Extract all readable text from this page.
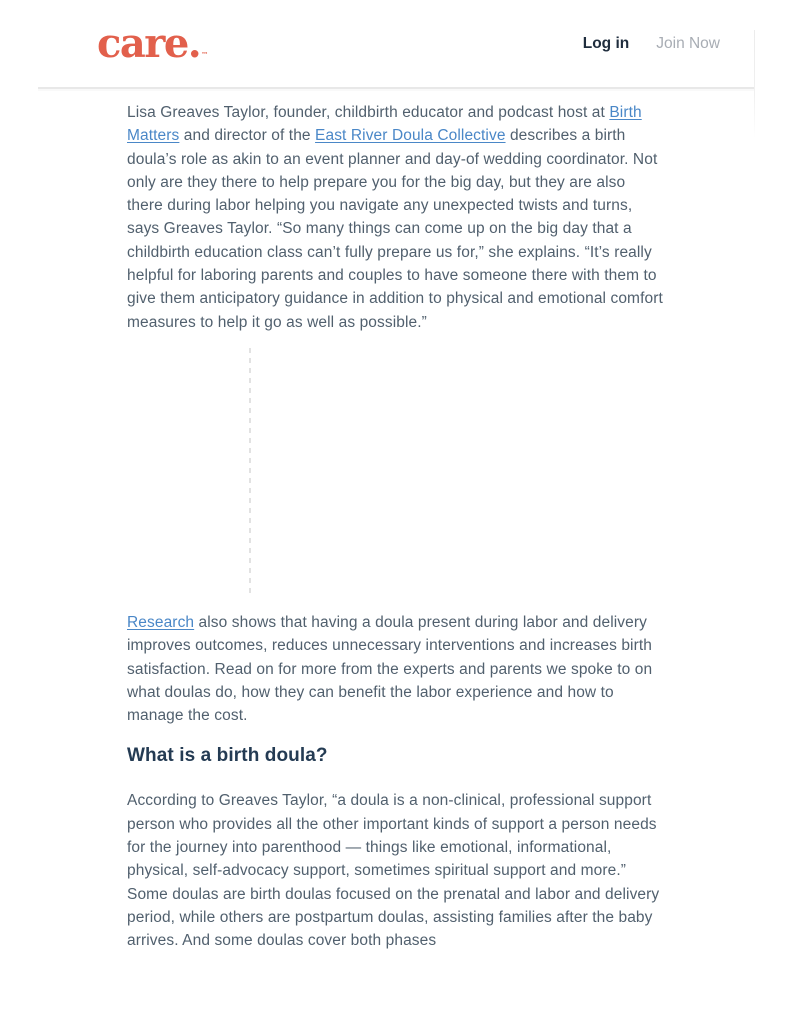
care.™
Log in Join Now

Lisa Greaves Taylor, founder, childbirth educator and podcast host at Birth Matters and director of the East River Doula Collective describes a birth doula’s role as akin to an event planner and day-of wedding coordinator. Not only are they there to help prepare you for the big day, but they are also there during labor helping you navigate any unexpected twists and turns, says Greaves Taylor. “So many things can come up on the big day that a childbirth education class can’t fully prepare us for,” she explains. “It’s really helpful for laboring parents and couples to have someone there with them to give them anticipatory guidance in addition to physical and emotional comfort measures to help it go as well as possible.”

Research also shows that having a doula present during labor and delivery improves outcomes, reduces unnecessary interventions and increases birth satisfaction. Read on for more from the experts and parents we spoke to on what doulas do, how they can benefit the labor experience and how to manage the cost.

What is a birth doula?

According to Greaves Taylor, “a doula is a non-clinical, professional support person who provides all the other important kinds of support a person needs for the journey into parenthood — things like emotional, informational, physical, self-advocacy support, sometimes spiritual support and more.” Some doulas are birth doulas focused on the prenatal and labor and delivery period, while others are postpartum doulas, assisting families after the baby arrives. And some doulas cover both phases
